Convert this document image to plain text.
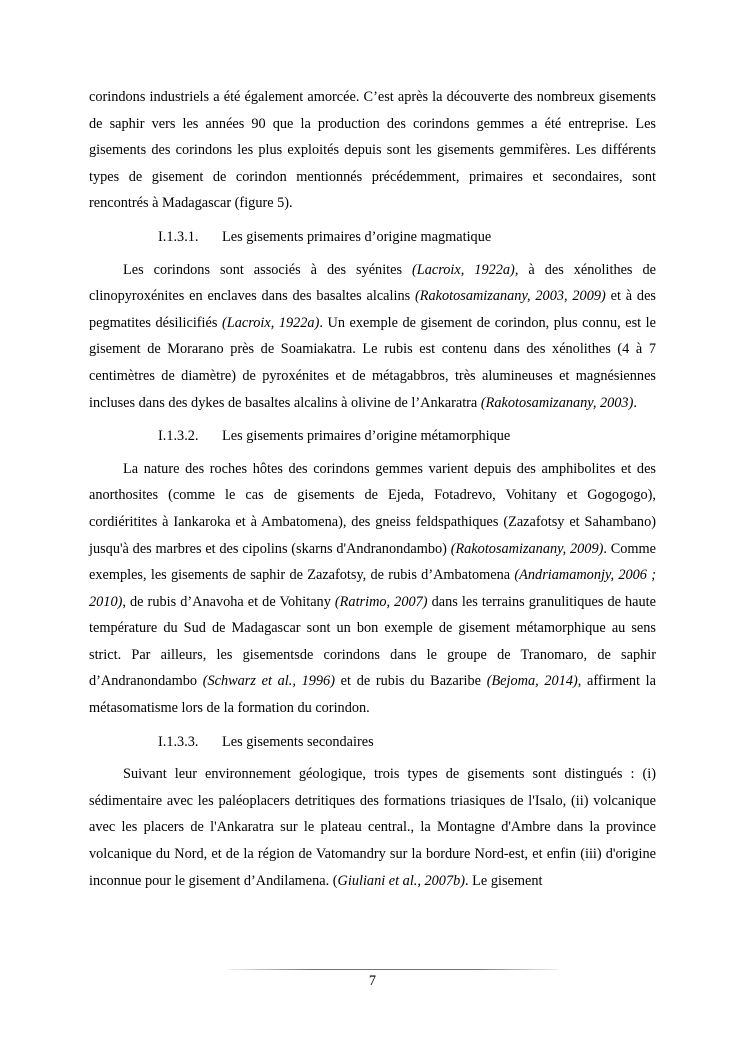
corindons industriels a été également amorcée. C’est après la découverte des nombreux gisements de saphir vers les années 90 que la production des corindons gemmes a été entreprise. Les gisements des corindons les plus exploités depuis sont les gisements gemmifères. Les différents types de gisement de corindon mentionnés précédemment, primaires et secondaires, sont rencontrés à Madagascar (figure 5).

I.1.3.1. Les gisements primaires d’origine magmatique

Les corindons sont associés à des syénites (Lacroix, 1922a), à des xénolithes de clinopyroxénites en enclaves dans des basaltes alcalins (Rakotosamizanany, 2003, 2009) et à des pegmatites désilicifiés (Lacroix, 1922a). Un exemple de gisement de corindon, plus connu, est le gisement de Morarano près de Soamiakatra. Le rubis est contenu dans des xénolithes (4 à 7 centimètres de diamètre) de pyroxénites et de métagabbros, très alumineuses et magnésiennes incluses dans des dykes de basaltes alcalins à olivine de l’Ankaratra (Rakotosamizanany, 2003).

I.1.3.2. Les gisements primaires d’origine métamorphique

La nature des roches hôtes des corindons gemmes varient depuis des amphibolites et des anorthosites (comme le cas de gisements de Ejeda, Fotadrevo, Vohitany et Gogogogo), cordiéritites à Iankaroka et à Ambatomena), des gneiss feldspathiques (Zazafotsy et Sahambano) jusqu'à des marbres et des cipolins (skarns d'Andranondambo) (Rakotosamizanany, 2009). Comme exemples, les gisements de saphir de Zazafotsy, de rubis d’Ambatomena (Andriamamonjy, 2006 ; 2010), de rubis d’Anavoha et de Vohitany (Ratrimo, 2007) dans les terrains granulitiques de haute température du Sud de Madagascar sont un bon exemple de gisement métamorphique au sens strict. Par ailleurs, les gisementsde corindons dans le groupe de Tranomaro, de saphir d’Andranondambo (Schwarz et al., 1996) et de rubis du Bazaribe (Bejoma, 2014), affirment la métasomatisme lors de la formation du corindon.

I.1.3.3. Les gisements secondaires

Suivant leur environnement géologique, trois types de gisements sont distingués : (i) sédimentaire avec les paléoplacers detritiques des formations triasiques de l'Isalo, (ii) volcanique avec les placers de l'Ankaratra sur le plateau central., la Montagne d'Ambre dans la province volcanique du Nord, et de la région de Vatomandry sur la bordure Nord-est, et enfin (iii) d'origine inconnue pour le gisement d’Andilamena. (Giuliani et al., 2007b). Le gisement

7
